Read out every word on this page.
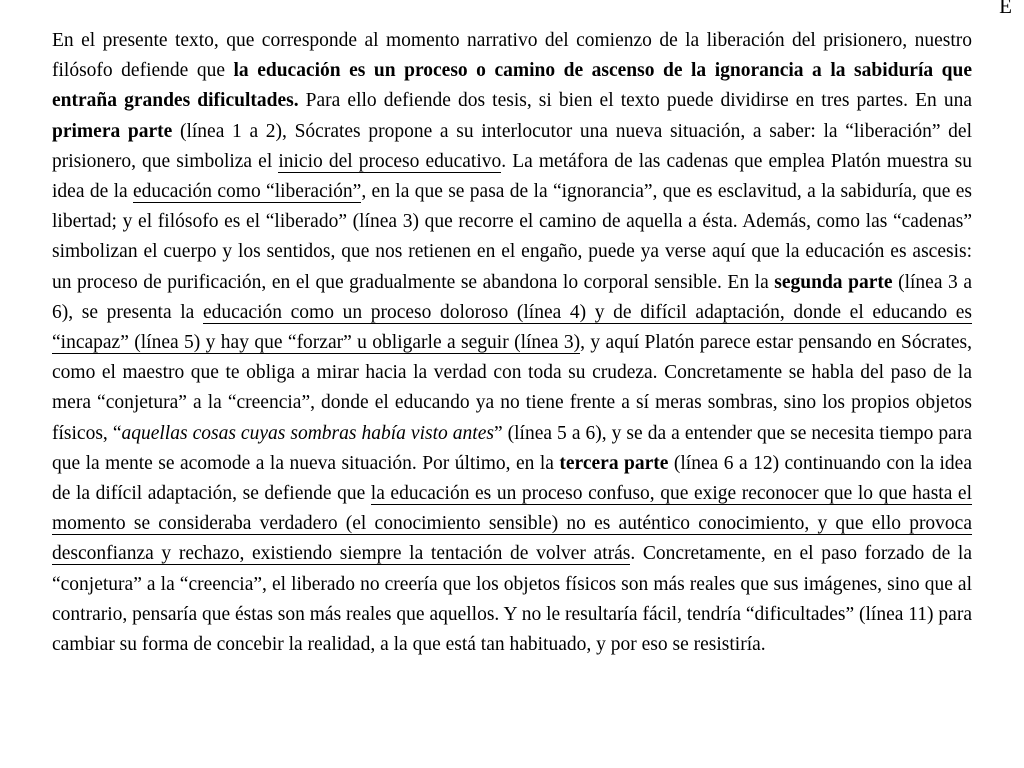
E
En el presente texto, que corresponde al momento narrativo del comienzo de la liberación del prisionero, nuestro filósofo defiende que la educación es un proceso o camino de ascenso de la ignorancia a la sabiduría que entraña grandes dificultades. Para ello defiende dos tesis, si bien el texto puede dividirse en tres partes. En una primera parte (línea 1 a 2), Sócrates propone a su interlocutor una nueva situación, a saber: la “liberación” del prisionero, que simboliza el inicio del proceso educativo. La metáfora de las cadenas que emplea Platón muestra su idea de la educación como “liberación”, en la que se pasa de la “ignorancia”, que es esclavitud, a la sabiduría, que es libertad; y el filósofo es el “liberado” (línea 3) que recorre el camino de aquella a ésta. Además, como las “cadenas” simbolizan el cuerpo y los sentidos, que nos retienen en el engaño, puede ya verse aquí que la educación es ascesis: un proceso de purificación, en el que gradualmente se abandona lo corporal sensible. En la segunda parte (línea 3 a 6), se presenta la educación como un proceso doloroso (línea 4) y de difícil adaptación, donde el educando es “incapaz” (línea 5) y hay que “forzar” u obligarle a seguir (línea 3), y aquí Platón parece estar pensando en Sócrates, como el maestro que te obliga a mirar hacia la verdad con toda su crudeza. Concretamente se habla del paso de la mera “conjetura” a la “creencia”, donde el educando ya no tiene frente a sí meras sombras, sino los propios objetos físicos, “aquellas cosas cuyas sombras había visto antes” (línea 5 a 6), y se da a entender que se necesita tiempo para que la mente se acomode a la nueva situación. Por último, en la tercera parte (línea 6 a 12) continuando con la idea de la difícil adaptación, se defiende que la educación es un proceso confuso, que exige reconocer que lo que hasta el momento se consideraba verdadero (el conocimiento sensible) no es auténtico conocimiento, y que ello provoca desconfianza y rechazo, existiendo siempre la tentación de volver atrás. Concretamente, en el paso forzado de la “conjetura” a la “creencia”, el liberado no creería que los objetos físicos son más reales que sus imágenes, sino que al contrario, pensaría que éstas son más reales que aquellos. Y no le resultaría fácil, tendría “dificultades” (línea 11) para cambiar su forma de concebir la realidad, a la que está tan habituado, y por eso se resistiría.
